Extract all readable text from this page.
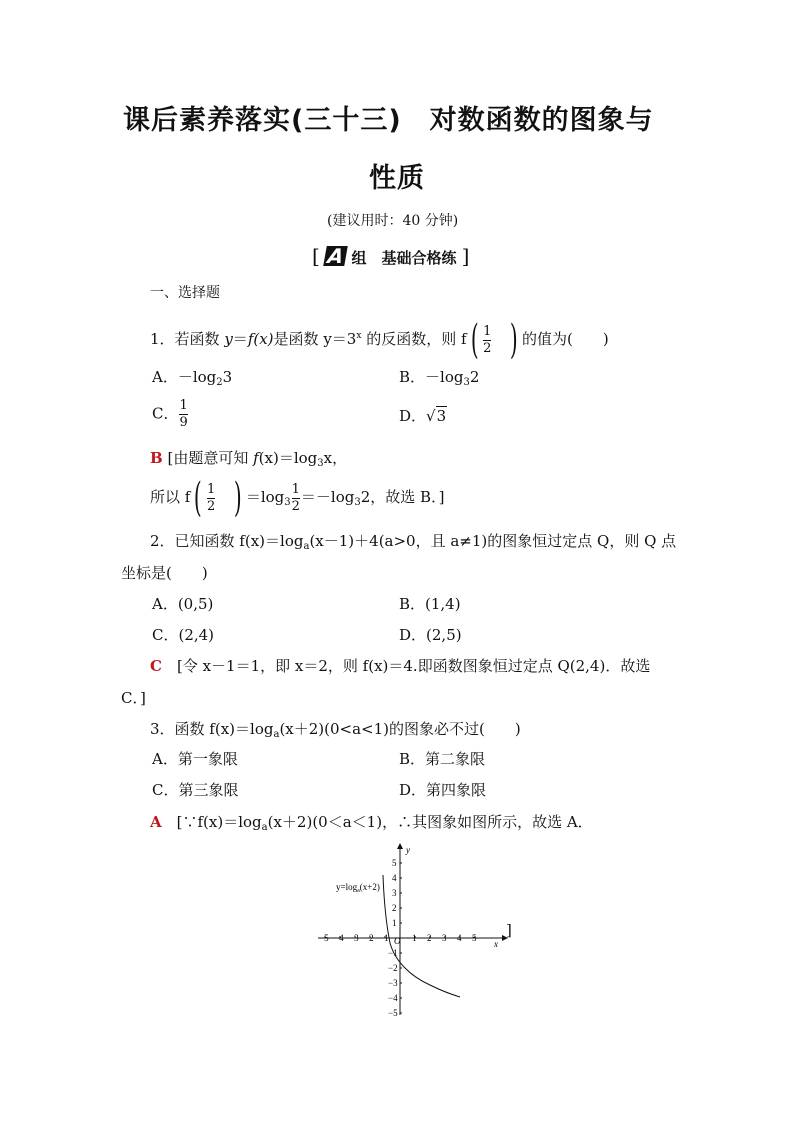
课后素养落实(三十三)　对数函数的图象与
性质
(建议用时：40 分钟)
[ A 组　基础合格练 ]
一、选择题
1．若函数 y＝f(x)是函数 $y=3^x$ 的反函数，则 $f( \frac{1}{2}$ ) 的值为(　　)
A．$-\log_23$	B．$-\log_32$
C． $\frac{1}{9}$	D．√3
B [由题意可知 $f(x)=\log_3x$，
所以 $f( \frac{1}{2}$ ) $=\log_3 \frac{1}{2} =-\log_32$，故选 B．]
2．已知函数 $f(x)=\log_a(x-1)+4(a>0$，且 a≠1)的图象恒过定点 Q，则 Q 点
坐标是(　　)
A．(0,5)	B．(1,4)
C．(2,4)	D．(2,5)
C　 [令 x－1＝1，即 x＝2，则 f(x)＝4.即函数图象恒过定点 Q(2,4)．故选
C．]
3．函数 $f(x)=\log_a(x+2)(0<a<1)$的图象必不过(　　)
A．第一象限	B．第二象限
C．第三象限	D．第四象限
A　 [$\because f(x)=\log_a(x+2)(0<a<1)$，∴其图象如图所示，故选 A．
x
y
O
$y=\log_a(x+2)$
−5 −4 −3 −2 −1	1 2 3 4 5
5
4
3
2
1
−1
−2
−3
−4
−5
]
